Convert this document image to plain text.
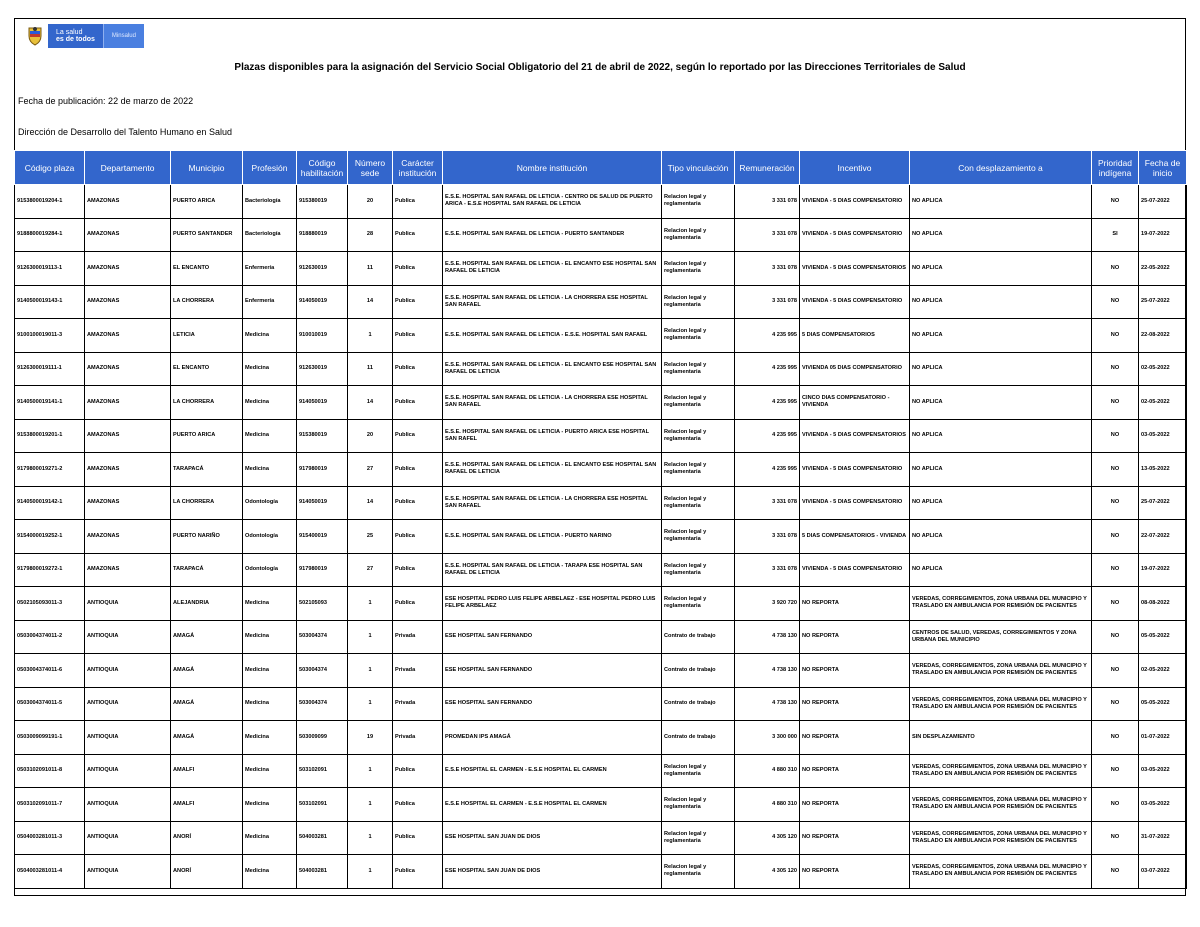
La salud
es de todos	Minsalud
Plazas disponibles para la asignación del Servicio Social Obligatorio del 21 de abril de 2022, según lo reportado por las Direcciones Territoriales de Salud
Fecha de publicación: 22 de marzo de 2022
Dirección de Desarrollo del Talento Humano en Salud
Código plaza	Departamento	Municipio	Profesión	Código habilitación	Número sede	Carácter institución	Nombre institución	Tipo vinculación	Remuneración	Incentivo	Con desplazamiento a	Prioridad indígena	Fecha de inicio
9153800019204-1	AMAZONAS	PUERTO ARICA	Bacteriología	915380019	20	Publica	E.S.E. HOSPITAL SAN RAFAEL DE LETICIA - CENTRO DE SALUD DE PUERTO ARICA - E.S.E HOSPITAL SAN RAFAEL DE LETICIA	Relacion legal y reglamentaria	3 331 078	VIVIENDA - 5 DIAS COMPENSATORIO	NO APLICA	NO	25-07-2022
9188800019284-1	AMAZONAS	PUERTO SANTANDER	Bacteriología	918880019	28	Publica	E.S.E. HOSPITAL SAN RAFAEL DE LETICIA - PUERTO SANTANDER	Relacion legal y reglamentaria	3 331 078	VIVIENDA - 5 DIAS COMPENSATORIO	NO APLICA	SI	19-07-2022
9126300019113-1	AMAZONAS	EL ENCANTO	Enfermería	912630019	11	Publica	E.S.E. HOSPITAL SAN RAFAEL DE LETICIA - EL ENCANTO ESE HOSPITAL SAN RAFAEL DE LETICIA	Relacion legal y reglamentaria	3 331 078	VIVIENDA - 5 DIAS COMPENSATORIOS	NO APLICA	NO	22-05-2022
9140500019143-1	AMAZONAS	LA CHORRERA	Enfermería	914050019	14	Publica	E.S.E. HOSPITAL SAN RAFAEL DE LETICIA - LA CHORRERA ESE HOSPITAL SAN RAFAEL	Relacion legal y reglamentaria	3 331 078	VIVIENDA - 5 DIAS COMPENSATORIO	NO APLICA	NO	25-07-2022
9100100019011-3	AMAZONAS	LETICIA	Medicina	910010019	1	Publica	E.S.E. HOSPITAL SAN RAFAEL DE LETICIA - E.S.E. HOSPITAL SAN RAFAEL	Relacion legal y reglamentaria	4 235 995	5 DIAS COMPENSATORIOS	NO APLICA	NO	22-08-2022
9126300019111-1	AMAZONAS	EL ENCANTO	Medicina	912630019	11	Publica	E.S.E. HOSPITAL SAN RAFAEL DE LETICIA - EL ENCANTO ESE HOSPITAL SAN RAFAEL DE LETICIA	Relacion legal y reglamentaria	4 235 995	VIVIENDA 05 DIAS COMPENSATORIO	NO APLICA	NO	02-05-2022
9140500019141-1	AMAZONAS	LA CHORRERA	Medicina	914050019	14	Publica	E.S.E. HOSPITAL SAN RAFAEL DE LETICIA - LA CHORRERA ESE HOSPITAL SAN RAFAEL	Relacion legal y reglamentaria	4 235 995	CINCO DIAS COMPENSATORIO - VIVIENDA	NO APLICA	NO	02-05-2022
9153800019201-1	AMAZONAS	PUERTO ARICA	Medicina	915380019	20	Publica	E.S.E. HOSPITAL SAN RAFAEL DE LETICIA - PUERTO ARICA ESE HOSPITAL SAN RAFEL	Relacion legal y reglamentaria	4 235 995	VIVIENDA - 5 DIAS COMPENSATORIOS	NO APLICA	NO	03-05-2022
9179800019271-2	AMAZONAS	TARAPACÁ	Medicina	917980019	27	Publica	E.S.E. HOSPITAL SAN RAFAEL DE LETICIA - EL ENCANTO ESE HOSPITAL SAN RAFAEL DE LETICIA	Relacion legal y reglamentaria	4 235 995	VIVIENDA - 5 DIAS COMPENSATORIO	NO APLICA	NO	13-05-2022
9140500019142-1	AMAZONAS	LA CHORRERA	Odontología	914050019	14	Publica	E.S.E. HOSPITAL SAN RAFAEL DE LETICIA - LA CHORRERA ESE HOSPITAL SAN RAFAEL	Relacion legal y reglamentaria	3 331 078	VIVIENDA - 5 DIAS COMPENSATORIO	NO APLICA	NO	25-07-2022
9154000019252-1	AMAZONAS	PUERTO NARIÑO	Odontología	915400019	25	Publica	E.S.E. HOSPITAL SAN RAFAEL DE LETICIA - PUERTO NARINO	Relacion legal y reglamentaria	3 331 078	5 DIAS COMPENSATORIOS - VIVIENDA	NO APLICA	NO	22-07-2022
9179800019272-1	AMAZONAS	TARAPACÁ	Odontología	917980019	27	Publica	E.S.E. HOSPITAL SAN RAFAEL DE LETICIA - TARAPA ESE HOSPITAL SAN RAFAEL DE LETICIA	Relacion legal y reglamentaria	3 331 078	VIVIENDA - 5 DIAS COMPENSATORIO	NO APLICA	NO	19-07-2022
0502105093011-3	ANTIOQUIA	ALEJANDRIA	Medicina	502105093	1	Publica	ESE HOSPITAL PEDRO LUIS FELIPE ARBELAEZ - ESE HOSPITAL PEDRO LUIS FELIPE ARBELAEZ	Relacion legal y reglamentaria	3 920 720	NO REPORTA	VEREDAS, CORREGIMIENTOS, ZONA URBANA DEL MUNICIPIO Y TRASLADO EN AMBULANCIA POR REMISIÓN DE PACIENTES	NO	08-08-2022
0503004374011-2	ANTIOQUIA	AMAGÁ	Medicina	503004374	1	Privada	ESE HOSPITAL SAN FERNANDO	Contrato de trabajo	4 738 130	NO REPORTA	CENTROS DE SALUD, VEREDAS, CORREGIMIENTOS Y ZONA URBANA DEL MUNICIPIO	NO	05-05-2022
0503004374011-6	ANTIOQUIA	AMAGÁ	Medicina	503004374	1	Privada	ESE HOSPITAL SAN FERNANDO	Contrato de trabajo	4 738 130	NO REPORTA	VEREDAS, CORREGIMIENTOS, ZONA URBANA DEL MUNICIPIO Y TRASLADO EN AMBULANCIA POR REMISIÓN DE PACIENTES	NO	02-05-2022
0503004374011-5	ANTIOQUIA	AMAGÁ	Medicina	503004374	1	Privada	ESE HOSPITAL SAN FERNANDO	Contrato de trabajo	4 738 130	NO REPORTA	VEREDAS, CORREGIMIENTOS, ZONA URBANA DEL MUNICIPIO Y TRASLADO EN AMBULANCIA POR REMISIÓN DE PACIENTES	NO	05-05-2022
0503009099191-1	ANTIOQUIA	AMAGÁ	Medicina	503009099	19	Privada	PROMEDAN IPS AMAGÁ	Contrato de trabajo	3 300 000	NO REPORTA	SIN DESPLAZAMIENTO	NO	01-07-2022
0503102091011-8	ANTIOQUIA	AMALFI	Medicina	503102091	1	Publica	E.S.E HOSPITAL EL CARMEN - E.S.E HOSPITAL EL CARMEN	Relacion legal y reglamentaria	4 880 310	NO REPORTA	VEREDAS, CORREGIMIENTOS, ZONA URBANA DEL MUNICIPIO Y TRASLADO EN AMBULANCIA POR REMISIÓN DE PACIENTES	NO	03-05-2022
0503102091011-7	ANTIOQUIA	AMALFI	Medicina	503102091	1	Publica	E.S.E HOSPITAL EL CARMEN - E.S.E HOSPITAL EL CARMEN	Relacion legal y reglamentaria	4 880 310	NO REPORTA	VEREDAS, CORREGIMIENTOS, ZONA URBANA DEL MUNICIPIO Y TRASLADO EN AMBULANCIA POR REMISIÓN DE PACIENTES	NO	03-05-2022
0504003281011-3	ANTIOQUIA	ANORÍ	Medicina	504003281	1	Publica	ESE HOSPITAL SAN JUAN DE DIOS	Relacion legal y reglamentaria	4 305 120	NO REPORTA	VEREDAS, CORREGIMIENTOS, ZONA URBANA DEL MUNICIPIO Y TRASLADO EN AMBULANCIA POR REMISIÓN DE PACIENTES	NO	31-07-2022
0504003281011-4	ANTIOQUIA	ANORÍ	Medicina	504003281	1	Publica	ESE HOSPITAL SAN JUAN DE DIOS	Relacion legal y reglamentaria	4 305 120	NO REPORTA	VEREDAS, CORREGIMIENTOS, ZONA URBANA DEL MUNICIPIO Y TRASLADO EN AMBULANCIA POR REMISIÓN DE PACIENTES	NO	03-07-2022
